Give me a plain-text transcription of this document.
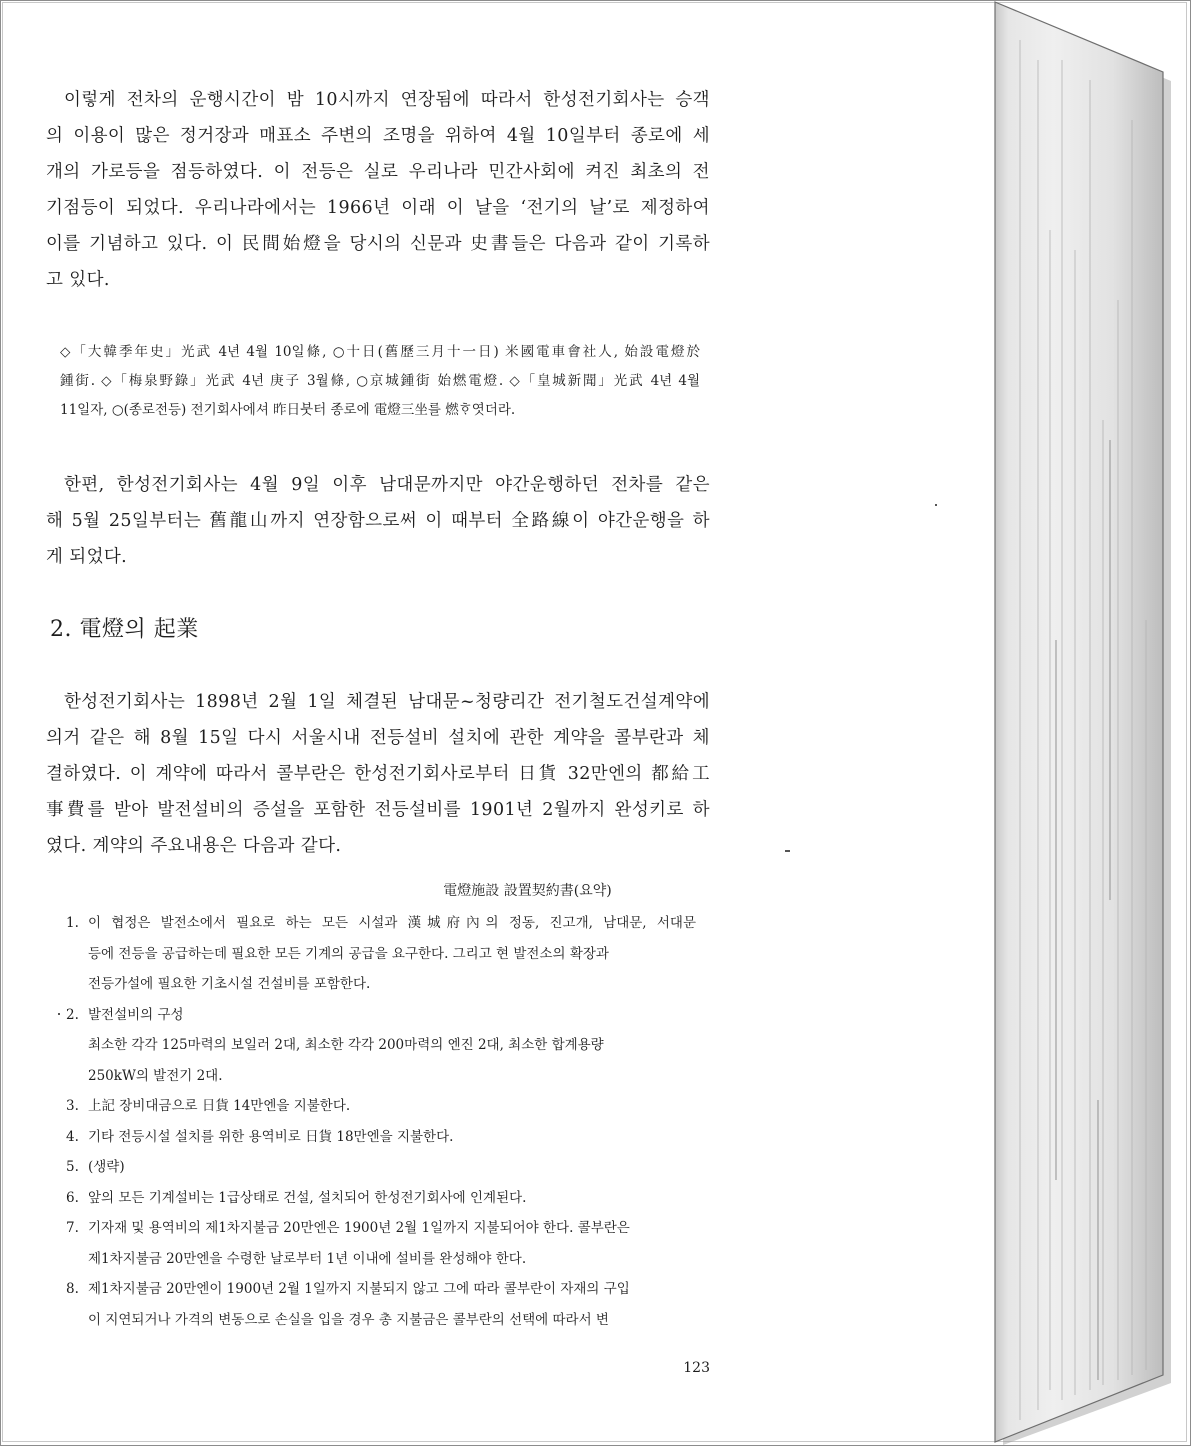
이렇게 전차의 운행시간이 밤 10시까지 연장됨에 따라서 한성전기회사는 승객
의 이용이 많은 정거장과 매표소 주변의 조명을 위하여 4월 10일부터 종로에 세
개의 가로등을 점등하였다. 이 전등은 실로 우리나라 민간사회에 켜진 최초의 전
기점등이 되었다. 우리나라에서는 1966년 이래 이 날을 ‘전기의 날’로 제정하여
이를 기념하고 있다. 이 民間始燈을 당시의 신문과 史書들은 다음과 같이 기록하
고 있다.

◇「大韓季年史」光武 4년 4월 10일條, ○十日(舊歷三月十一日) 米國電車會社人, 始設電燈於
鍾街. ◇「梅泉野錄」光武 4년 庚子 3월條, ○京城鍾街 始燃電燈. ◇「皇城新聞」光武 4년 4월
11일자, ○(종로전등) 전기회사에셔 昨日붓터 종로에 電燈三坐를 燃ᄒᆞ엿더라.

한편, 한성전기회사는 4월 9일 이후 남대문까지만 야간운행하던 전차를 같은
해 5월 25일부터는 舊龍山까지 연장함으로써 이 때부터 全路線이 야간운행을 하
게 되었다.

2. 電燈의 起業

한성전기회사는 1898년 2월 1일 체결된 남대문~청량리간 전기철도건설계약에
의거 같은 해 8월 15일 다시 서울시내 전등설비 설치에 관한 계약을 콜부란과 체
결하였다. 이 계약에 따라서 콜부란은 한성전기회사로부터 日貨 32만엔의 都給工
事費를 받아 발전설비의 증설을 포함한 전등설비를 1901년 2월까지 완성키로 하
였다. 계약의 주요내용은 다음과 같다.

電燈施設 設置契約書(요약)

1. 이 협정은 발전소에서 필요로 하는 모든 시설과 漢城府內의 정동, 진고개, 남대문, 서대문
등에 전등을 공급하는데 필요한 모든 기계의 공급을 요구한다. 그리고 현 발전소의 확장과
전등가설에 필요한 기초시설 건설비를 포함한다.
2. 발전설비의 구성
최소한 각각 125마력의 보일러 2대, 최소한 각각 200마력의 엔진 2대, 최소한 합계용량
250kW의 발전기 2대.
3. 上記 장비대금으로 日貨 14만엔을 지불한다.
4. 기타 전등시설 설치를 위한 용역비로 日貨 18만엔을 지불한다.
5. (생략)
6. 앞의 모든 기계설비는 1급상태로 건설, 설치되어 한성전기회사에 인계된다.
7. 기자재 및 용역비의 제1차지불금 20만엔은 1900년 2월 1일까지 지불되어야 한다. 콜부란은
제1차지불금 20만엔을 수령한 날로부터 1년 이내에 설비를 완성해야 한다.
8. 제1차지불금 20만엔이 1900년 2월 1일까지 지불되지 않고 그에 따라 콜부란이 자재의 구입
이 지연되거나 가격의 변동으로 손실을 입을 경우 총 지불금은 콜부란의 선택에 따라서 변

123
